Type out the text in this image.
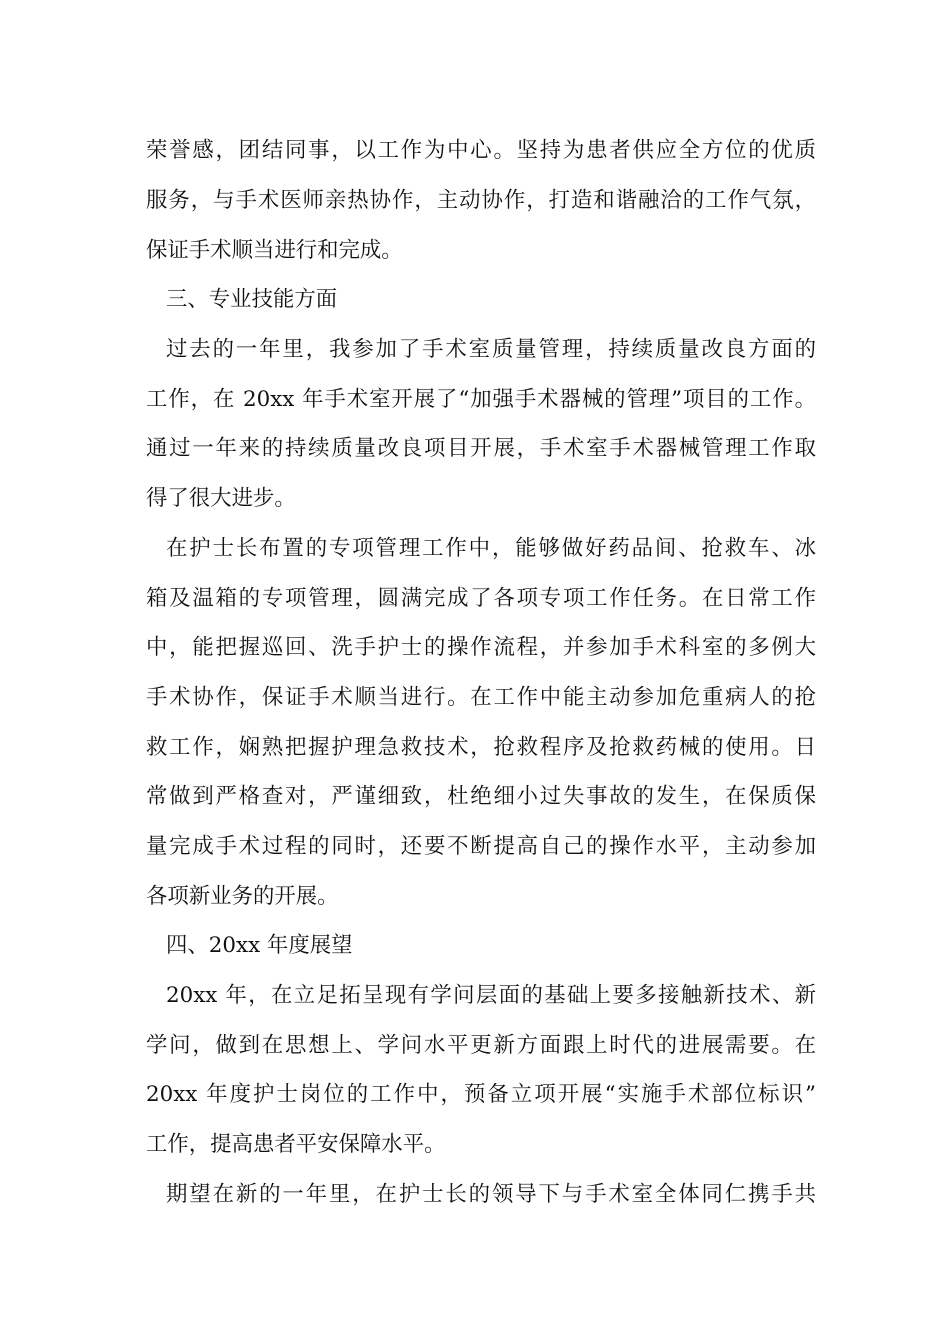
荣誉感，团结同事，以工作为中心。坚持为患者供应全方位的优质
服务，与手术医师亲热协作，主动协作，打造和谐融洽的工作气氛，
保证手术顺当进行和完成。
三、专业技能方面
过去的一年里，我参加了手术室质量管理，持续质量改良方面的
工作，在 20xx 年手术室开展了“加强手术器械的管理”项目的工作。
通过一年来的持续质量改良项目开展，手术室手术器械管理工作取
得了很大进步。
在护士长布置的专项管理工作中，能够做好药品间、抢救车、冰
箱及温箱的专项管理，圆满完成了各项专项工作任务。在日常工作
中，能把握巡回、洗手护士的操作流程，并参加手术科室的多例大
手术协作，保证手术顺当进行。在工作中能主动参加危重病人的抢
救工作，娴熟把握护理急救技术，抢救程序及抢救药械的使用。日
常做到严格查对，严谨细致，杜绝细小过失事故的发生，在保质保
量完成手术过程的同时，还要不断提高自己的操作水平，主动参加
各项新业务的开展。
四、20xx 年度展望
20xx 年，在立足拓呈现有学问层面的基础上要多接触新技术、新
学问，做到在思想上、学问水平更新方面跟上时代的进展需要。在
20xx 年度护士岗位的工作中，预备立项开展“实施手术部位标识”
工作，提高患者平安保障水平。
期望在新的一年里，在护士长的领导下与手术室全体同仁携手共
